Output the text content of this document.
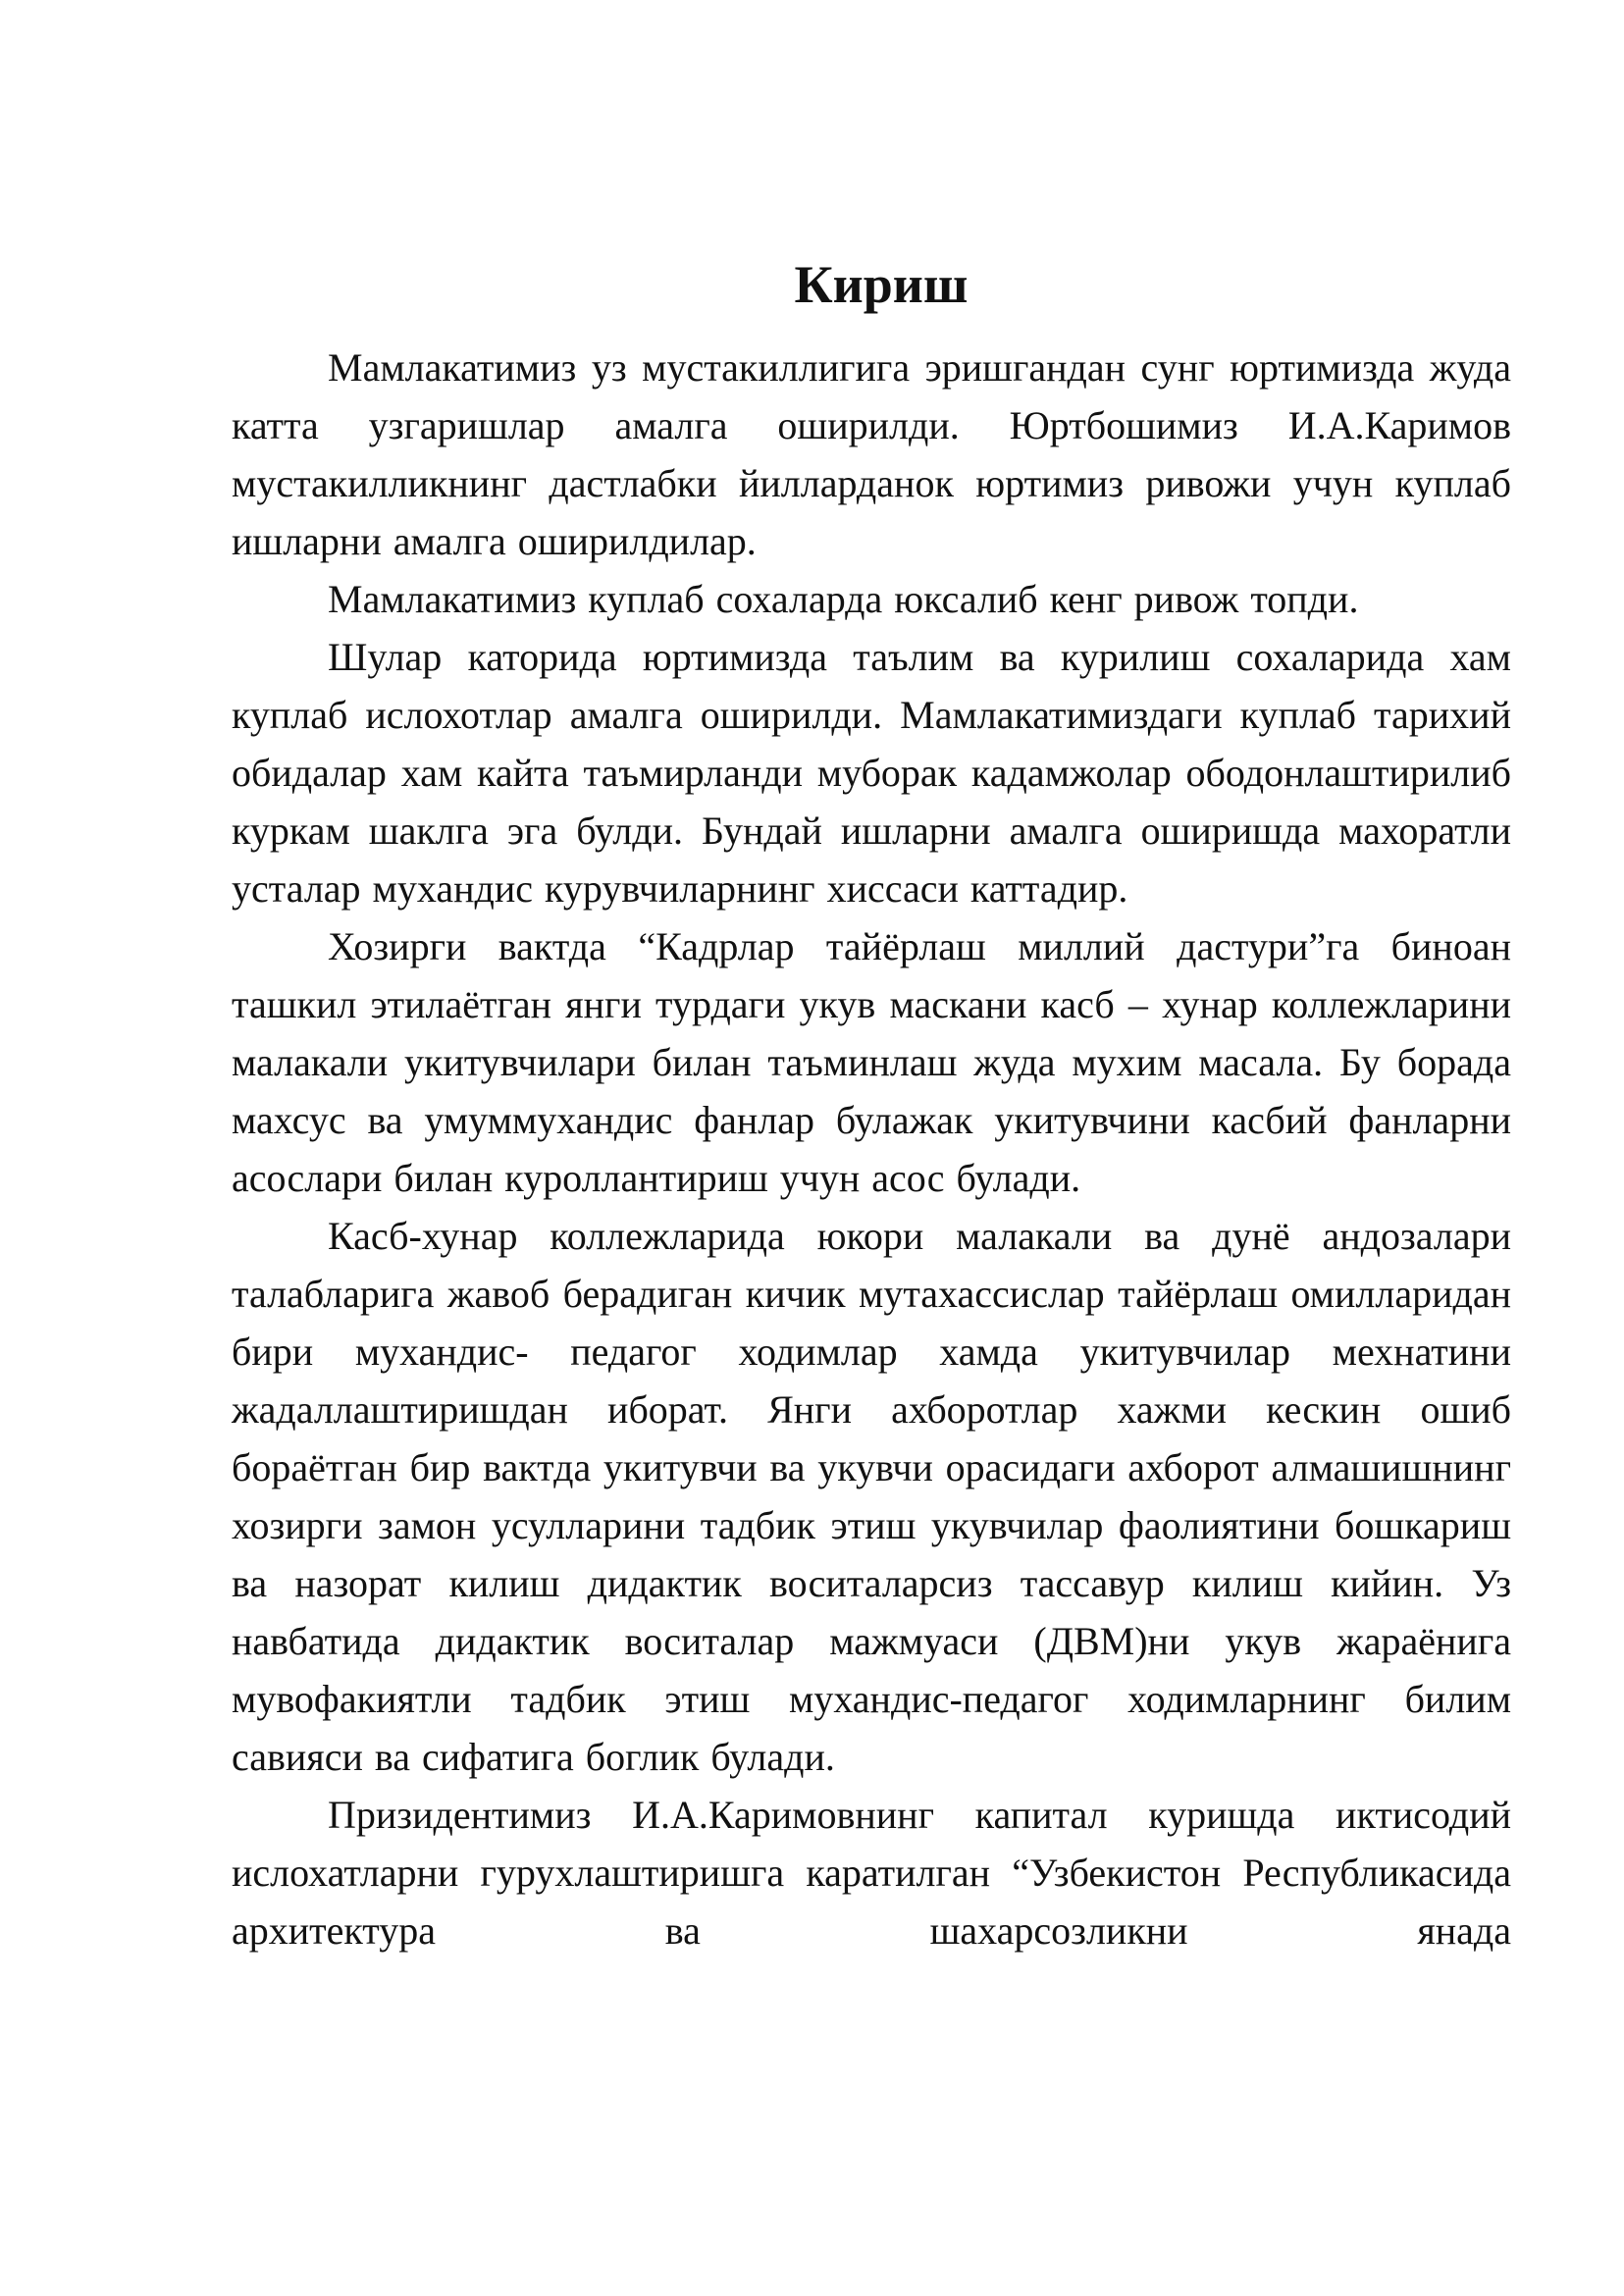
Кириш

Мамлакатимиз уз мустакиллигига эришгандан сунг юртимизда жуда катта узгаришлар амалга оширилди. Юртбошимиз И.А.Каримов мустакилликнинг дастлабки йилларданок юртимиз ривожи учун куплаб ишларни амалга оширилдилар.

Мамлакатимиз куплаб сохаларда юксалиб кенг ривож топди.

Шулар каторида юртимизда таълим ва курилиш сохаларида хам куплаб ислохотлар амалга оширилди. Мамлакатимиздаги куплаб тарихий обидалар хам кайта таъмирланди муборак кадамжолар ободонлаштирилиб куркам шаклга эга булди. Бундай ишларни амалга оширишда махоратли усталар мухандис курувчиларнинг хиссаси каттадир.

Хозирги вактда “Кадрлар тайёрлаш миллий дастури”га биноан ташкил этилаётган янги турдаги укув маскани касб – хунар коллежларини малакали укитувчилари билан таъминлаш жуда мухим масала. Бу борада махсус ва умуммухандис фанлар булажак укитувчини касбий фанларни асослари билан куроллантириш учун асос булади.

Касб-хунар коллежларида юкори малакали ва дунё андозалари талабларига жавоб берадиган кичик мутахассислар тайёрлаш омилларидан бири мухандис- педагог ходимлар хамда укитувчилар мехнатини жадаллаштиришдан иборат. Янги ахборотлар хажми кескин ошиб бораётган бир вактда укитувчи ва укувчи орасидаги ахборот алмашишнинг хозирги замон усулларини тадбик этиш укувчилар фаолиятини бошкариш ва назорат килиш дидактик воситаларсиз тассавур килиш кийин. Уз навбатида дидактик воситалар мажмуаси (ДВМ)ни укув жараёнига мувофакиятли тадбик этиш мухандис-педагог ходимларнинг билим савияси ва сифатига боглик булади.

Призидентимиз И.А.Каримовнинг капитал куришда иктисодий ислохатларни гурухлаштиришга каратилган “Узбекистон Республикасида архитектура ва шахарсозликни янада
